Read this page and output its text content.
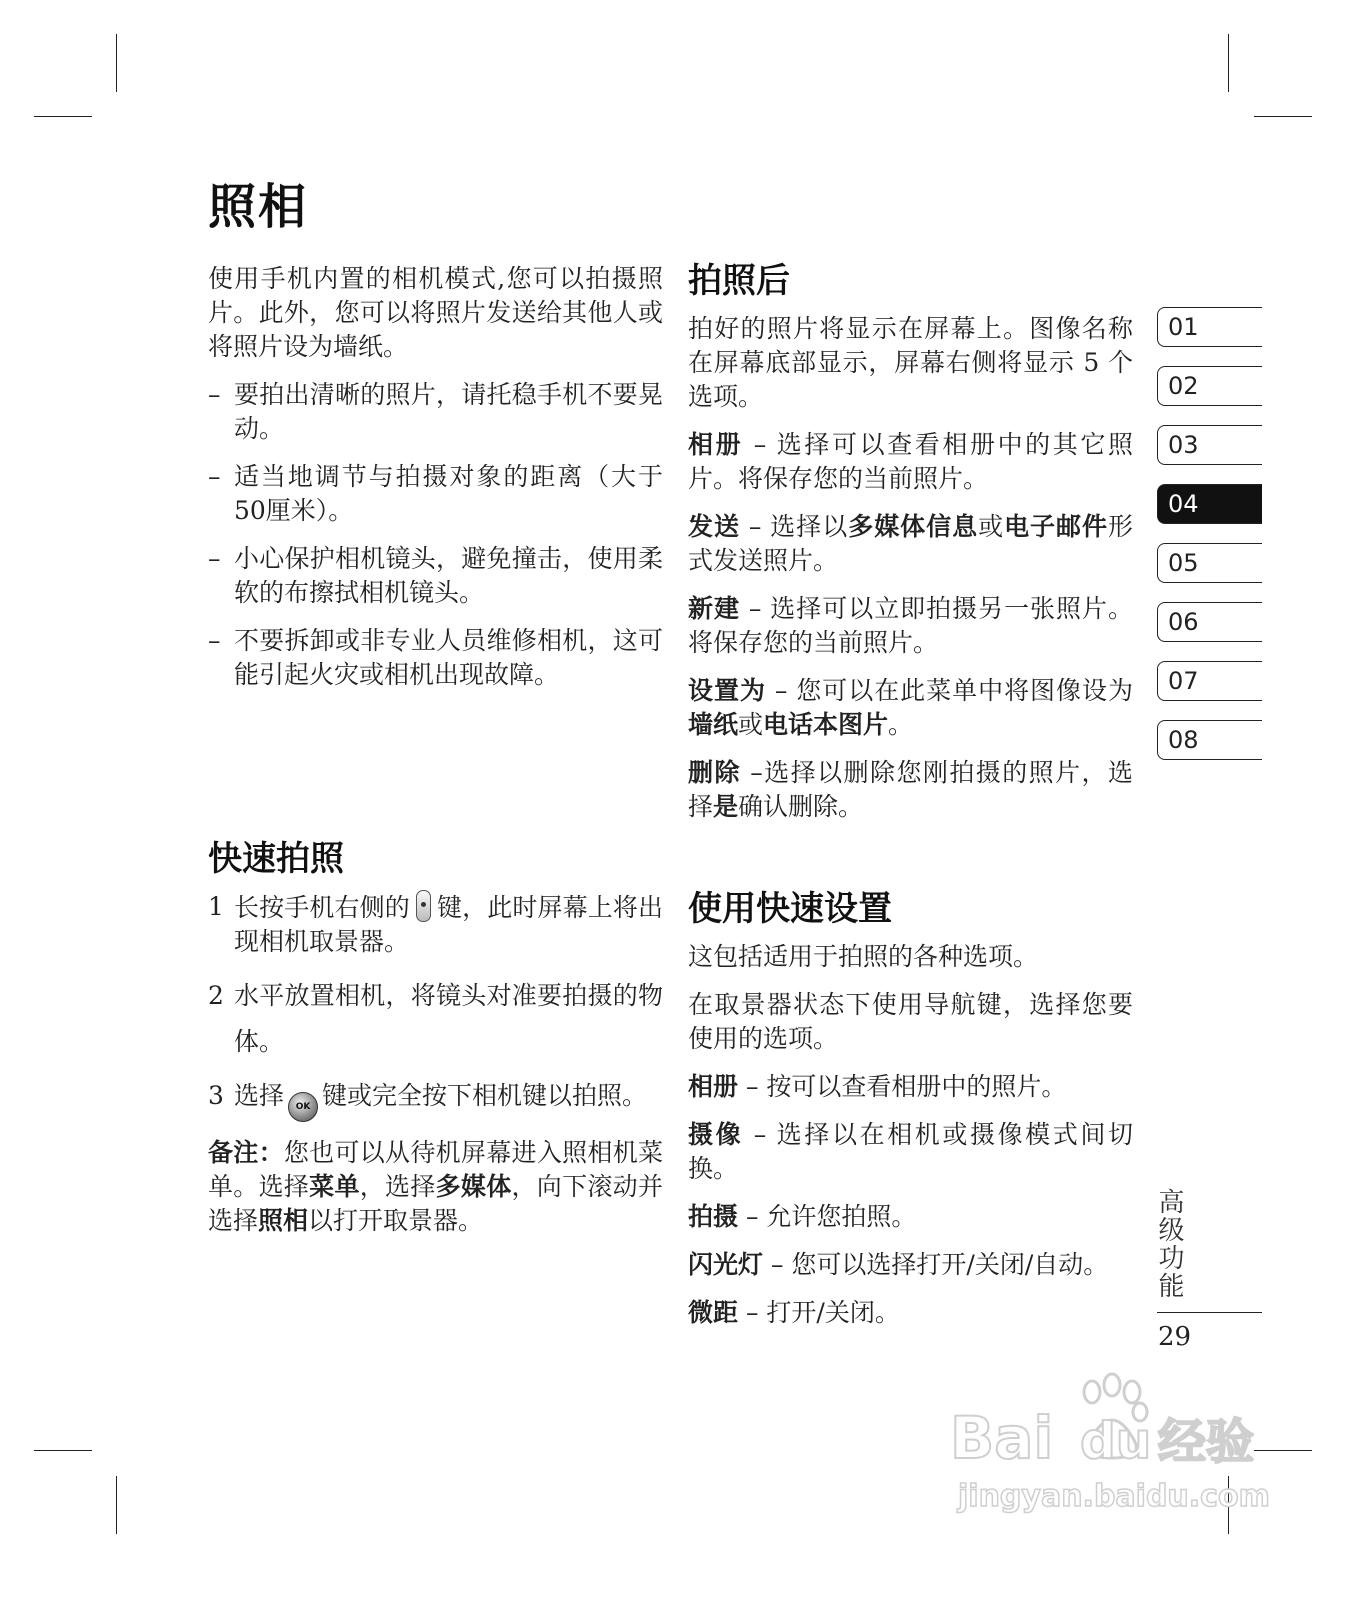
照相

使用手机内置的相机模式,您可以拍摄照片。此外，您可以将照片发送给其他人或将照片设为墙纸。

– 要拍出清晰的照片，请托稳手机不要晃动。

– 适当地调节与拍摄对象的距离（大于50厘米）。

– 小心保护相机镜头，避免撞击，使用柔软的布擦拭相机镜头。

– 不要拆卸或非专业人员维修相机，这可能引起火灾或相机出现故障。

快速拍照

1 长按手机右侧的 键，此时屏幕上将出现相机取景器。

2 水平放置相机，将镜头对准要拍摄的物体。

3 选择 OK 键或完全按下相机键以拍照。

备注：您也可以从待机屏幕进入照相机菜单。选择菜单，选择多媒体，向下滚动并选择照相以打开取景器。

拍照后

拍好的照片将显示在屏幕上。图像名称在屏幕底部显示，屏幕右侧将显示 5 个选项。

相册 – 选择可以查看相册中的其它照片。将保存您的当前照片。

发送 – 选择以多媒体信息或电子邮件形式发送照片。

新建 – 选择可以立即拍摄另一张照片。将保存您的当前照片。

设置为 – 您可以在此菜单中将图像设为墙纸或电话本图片。

删除 –选择以删除您刚拍摄的照片，选择是确认删除。

使用快速设置

这包括适用于拍照的各种选项。

在取景器状态下使用导航键，选择您要使用的选项。

相册 – 按可以查看相册中的照片。

摄像 – 选择以在相机或摄像模式间切换。

拍摄 – 允许您拍照。

闪光灯 – 您可以选择打开/关闭/自动。

微距 – 打开/关闭。

01
02
03
04
05
06
07
08
高级功能
29
Bai du 经验
jingyan.baidu.com
